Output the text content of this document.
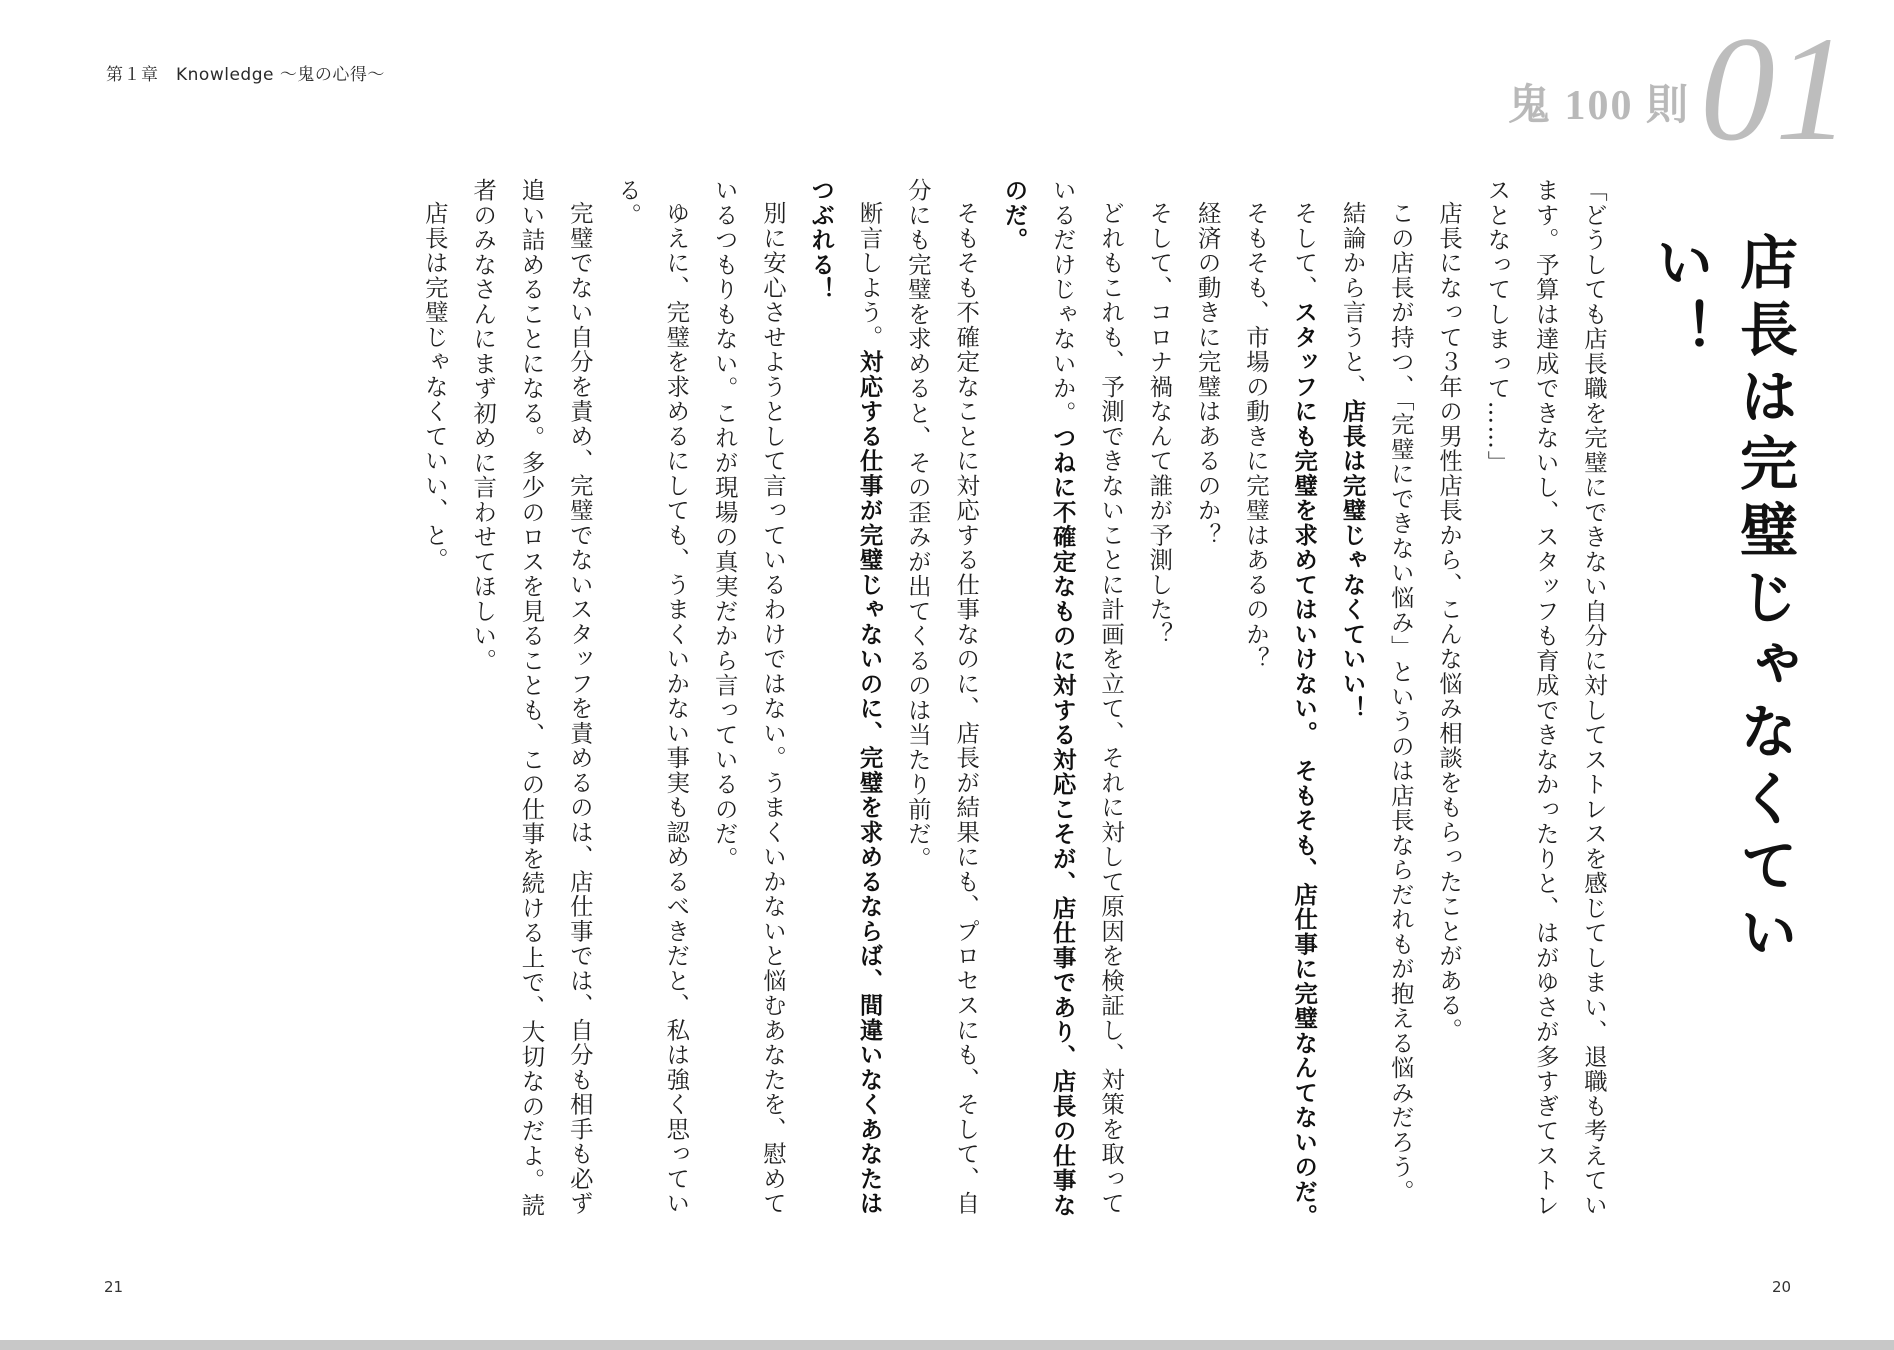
第１章　Knowledge 〜鬼の心得〜
鬼 100 則 01
店長は完璧じゃなくていい！

「どうしても店長職を完璧にできない自分に対してストレスを感じてしまい、退職も考えています。予算は達成できないし、スタッフも育成できなかったりと、はがゆさが多すぎてストレスとなってしまって……」

店長になって３年の男性店長から、こんな悩み相談をもらったことがある。

この店長が持つ、「完璧にできない悩み」というのは店長ならだれもが抱える悩みだろう。

結論から言うと、店長は完璧じゃなくていい！

そして、スタッフにも完璧を求めてはいけない。　そもそも、店仕事に完璧なんてないのだ。

そもそも、市場の動きに完璧はあるのか？

経済の動きに完璧はあるのか？

そして、コロナ禍なんて誰が予測した？

どれもこれも、予測できないことに計画を立て、それに対して原因を検証し、対策を取っているだけじゃないか。つねに不確定なものに対する対応こそが、店仕事であり、店長の仕事なのだ。

そもそも不確定なことに対応する仕事なのに、店長が結果にも、プロセスにも、そして、自分にも完璧を求めると、その歪みが出てくるのは当たり前だ。

断言しよう。対応する仕事が完璧じゃないのに、完璧を求めるならば、間違いなくあなたはつぶれる！

別に安心させようとして言っているわけではない。うまくいかないと悩むあなたを、慰めているつもりもない。これが現場の真実だから言っているのだ。

ゆえに、完璧を求めるにしても、うまくいかない事実も認めるべきだと、私は強く思っている。

完璧でない自分を責め、完璧でないスタッフを責めるのは、店仕事では、自分も相手も必ず追い詰めることになる。多少のロスを見ることも、この仕事を続ける上で、大切なのだよ。読者のみなさんにまず初めに言わせてほしい。

店長は完璧じゃなくていい、と。

21	20
